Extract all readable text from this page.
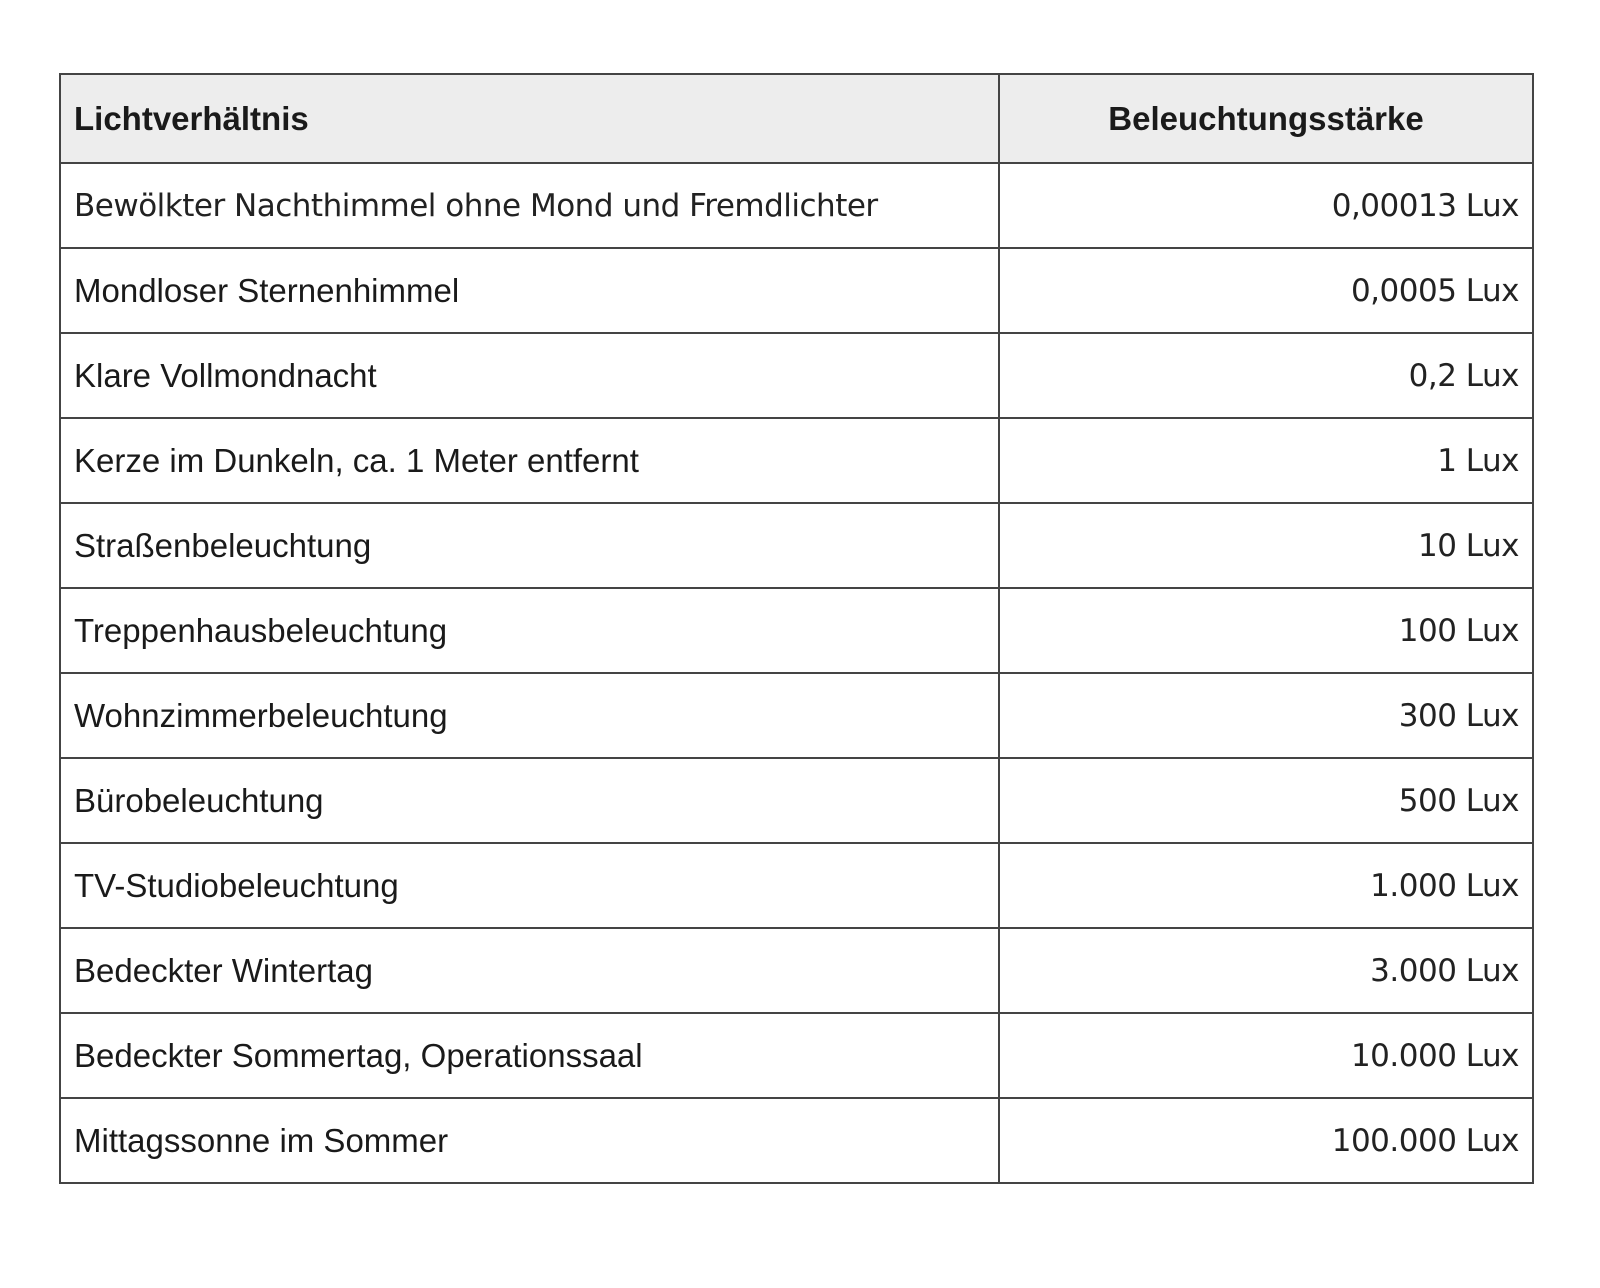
Lichtverhältnis	Beleuchtungsstärke
Bewölkter Nachthimmel ohne Mond und Fremdlichter	0,00013 Lux
Mondloser Sternenhimmel	0,0005 Lux
Klare Vollmondnacht	0,2 Lux
Kerze im Dunkeln, ca. 1 Meter entfernt	1 Lux
Straßenbeleuchtung	10 Lux
Treppenhausbeleuchtung	100 Lux
Wohnzimmerbeleuchtung	300 Lux
Bürobeleuchtung	500 Lux
TV-Studiobeleuchtung	1.000 Lux
Bedeckter Wintertag	3.000 Lux
Bedeckter Sommertag, Operationssaal	10.000 Lux
Mittagssonne im Sommer	100.000 Lux
